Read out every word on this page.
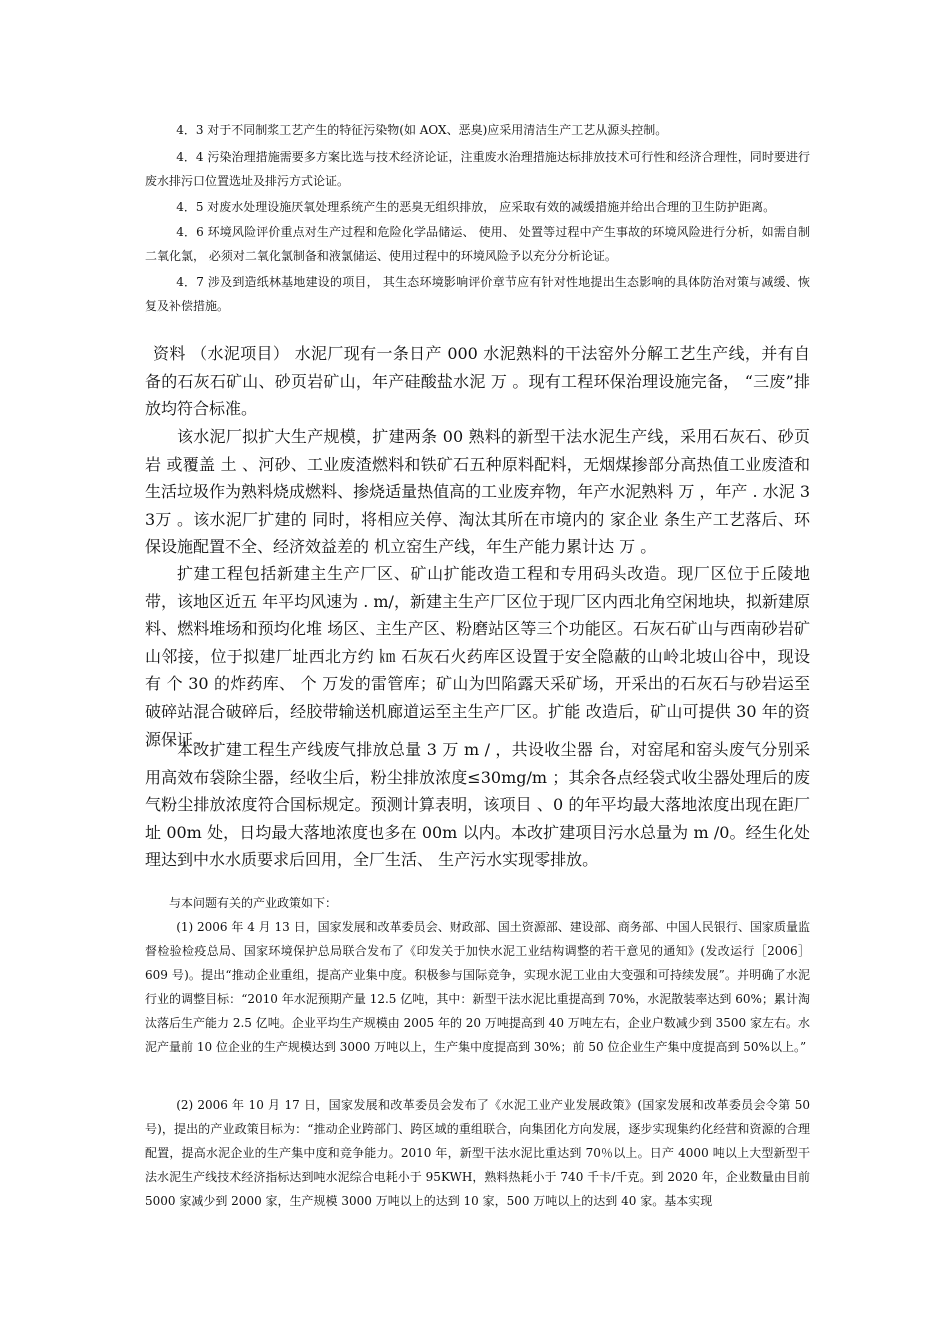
4．3 对于不同制浆工艺产生的特征污染物(如 AOX、恶臭)应采用清洁生产工艺从源头控制。

4．4 污染治理措施需要多方案比选与技术经济论证，注重废水治理措施达标排放技术可行性和经济合理性，同时要进行废水排污口位置选址及排污方式论证。

4．5 对废水处理设施厌氧处理系统产生的恶臭无组织排放， 应采取有效的减缓措施并给出合理的卫生防护距离。

4．6 环境风险评价重点对生产过程和危险化学品储运、 使用、 处置等过程中产生事故的环境风险进行分析，如需自制二氧化氯， 必须对二氧化氯制备和液氯储运、使用过程中的环境风险予以充分分析论证。

4．7 涉及到造纸林基地建设的项目， 其生态环境影响评价章节应有针对性地提出生态影响的具体防治对策与减缓、恢复及补偿措施。

资料 （水泥项目） 水泥厂现有一条日产 000 水泥熟料的干法窑外分解工艺生产线，并有自备的石灰石矿山、砂页岩矿山，年产硅酸盐水泥 万 。现有工程环保治理设施完备， “三废”排放均符合标准。

该水泥厂拟扩大生产规模，扩建两条 00 熟料的新型干法水泥生产线，采用石灰石、砂页岩 或覆盖 土 、河砂、工业废渣燃料和铁矿石五种原料配料，无烟煤掺部分高热值工业废渣和生活垃圾作为熟料烧成燃料、掺烧适量热值高的工业废弃物，年产水泥熟料 万 ，年产 . 水泥 3 3万 。该水泥厂扩建的 同时，将相应关停、淘汰其所在市境内的 家企业 条生产工艺落后、环保设施配置不全、经济效益差的 机立窑生产线，年生产能力累计达 万 。

扩建工程包括新建主生产厂区、矿山扩能改造工程和专用码头改造。现厂区位于丘陵地带，该地区近五 年平均风速为 . m/，新建主生产厂区位于现厂区内西北角空闲地块，拟新建原料、燃料堆场和预均化堆 场区、主生产区、粉磨站区等三个功能区。石灰石矿山与西南砂岩矿山邻接，位于拟建厂址西北方约 ㎞ 石灰石火药库区设置于安全隐蔽的山岭北坡山谷中，现设有 个 30 的炸药库、 个 万发的雷管库；矿山为凹陷露天采矿场，开采出的石灰石与砂岩运至破碎站混合破碎后，经胶带输送机廊道运至主生产厂区。扩能 改造后，矿山可提供 30 年的资源保证。

本改扩建工程生产线废气排放总量 3 万 m / ，共设收尘器 台，对窑尾和窑头废气分别采用高效布袋除尘器，经收尘后，粉尘排放浓度≤30mg/m ；其余各点经袋式收尘器处理后的废气粉尘排放浓度符合国标规定。预测计算表明，该项目 、0 的年平均最大落地浓度出现在距厂址 00m 处，日均最大落地浓度也多在 00m 以内。本改扩建项目污水总量为 m /0。经生化处理达到中水水质要求后回用，全厂生活、 生产污水实现零排放。

与本问题有关的产业政策如下：

(1) 2006 年 4 月 13 日，国家发展和改革委员会、财政部、国土资源部、建设部、商务部、中国人民银行、国家质量监督检验检疫总局、国家环境保护总局联合发布了《印发关于加快水泥工业结构调整的若干意见的通知》(发改运行［2006］609 号)。提出“推动企业重组，提高产业集中度。积极参与国际竞争，实现水泥工业由大变强和可持续发展”。并明确了水泥行业的调整目标：“2010 年水泥预期产量 12.5 亿吨，其中：新型干法水泥比重提高到 70%，水泥散装率达到 60%；累计淘汰落后生产能力 2.5 亿吨。企业平均生产规模由 2005 年的 20 万吨提高到 40 万吨左右，企业户数减少到 3500 家左右。水泥产量前 10 位企业的生产规模达到 3000 万吨以上，生产集中度提高到 30%；前 50 位企业生产集中度提高到 50%以上。”

(2) 2006 年 10 月 17 日，国家发展和改革委员会发布了《水泥工业产业发展政策》(国家发展和改革委员会令第 50 号)，提出的产业政策目标为：“推动企业跨部门、跨区域的重组联合，向集团化方向发展，逐步实现集约化经营和资源的合理配置，提高水泥企业的生产集中度和竞争能力。2010 年，新型干法水泥比重达到 70％以上。日产 4000 吨以上大型新型干法水泥生产线技术经济指标达到吨水泥综合电耗小于 95KWH，熟料热耗小于 740 千卡/千克。到 2020 年，企业数量由目前 5000 家减少到 2000 家，生产规模 3000 万吨以上的达到 10 家，500 万吨以上的达到 40 家。基本实现
